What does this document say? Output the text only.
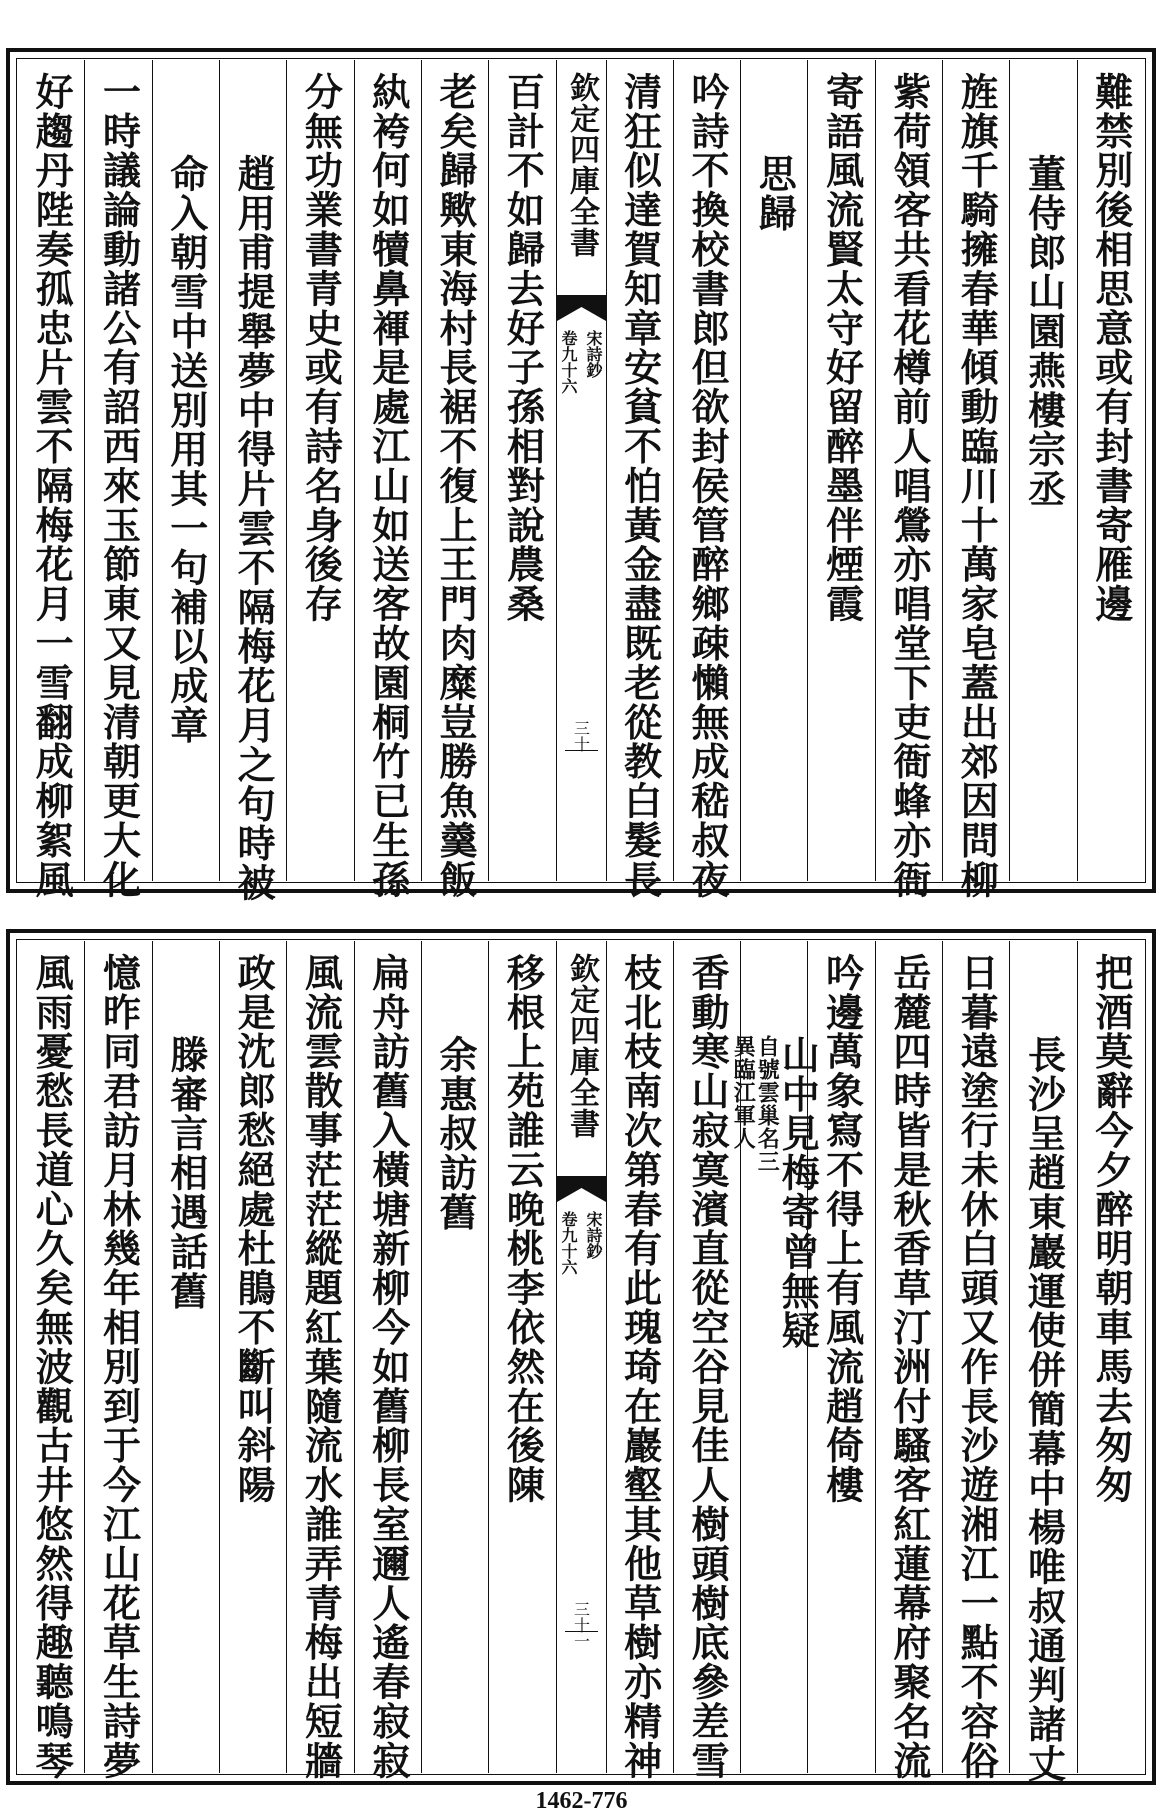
難禁別後相思意或有封書寄雁邊
董侍郎山園燕樓宗丞
旌旗千騎擁春華傾動臨川十萬家皂蓋出郊因問柳
紫荷領客共看花樽前人唱鶯亦唱堂下吏衙蜂亦衙
寄語風流賢太守好留醉墨伴煙霞
思歸
吟詩不換校書郎但欲封侯管醉鄉疎懶無成嵇叔夜
清狂似達賀知章安貧不怕黃金盡既老從教白髮長
欽定四庫全書
宋詩鈔
卷九十六
三十
百計不如歸去好子孫相對說農桑
老矣歸歟東海村長裾不復上王門肉糜豈勝魚羹飯
紈袴何如犢鼻褌是處江山如送客故園桐竹已生孫
分無功業書青史或有詩名身後存
趙用甫提舉夢中得片雲不隔梅花月之句時被
命入朝雪中送別用其一句補以成章
一時議論動諸公有詔西來玉節東又見清朝更大化
好趨丹陛奏孤忠片雲不隔梅花月一雪翻成柳絮風
把酒莫辭今夕醉明朝車馬去匆匆
長沙呈趙東巖運使併簡幕中楊唯叔通判諸丈
日暮遠塗行未休白頭又作長沙遊湘江一點不容俗
岳麓四時皆是秋香草汀洲付騷客紅蓮幕府聚名流
吟邊萬象寫不得上有風流趙倚樓
山中見梅寄曾無疑
自號雲巢名三
異臨江軍人
香動寒山寂寞濱直從空谷見佳人樹頭樹底參差雪
枝北枝南次第春有此瑰琦在巖壑其他草樹亦精神
欽定四庫全書
宋詩鈔
卷九十六
三十一
移根上苑誰云晚桃李依然在後陳
余惠叔訪舊
扁舟訪舊入橫塘新柳今如舊柳長室邇人遙春寂寂
風流雲散事茫茫縱題紅葉隨流水誰弄青梅出短牆
政是沈郎愁絕處杜鵑不斷叫斜陽
滕審言相遇話舊
憶昨同君訪月林幾年相別到于今江山花草生詩夢
風雨憂愁長道心久矣無波觀古井悠然得趣聽鳴琴
1462-776
